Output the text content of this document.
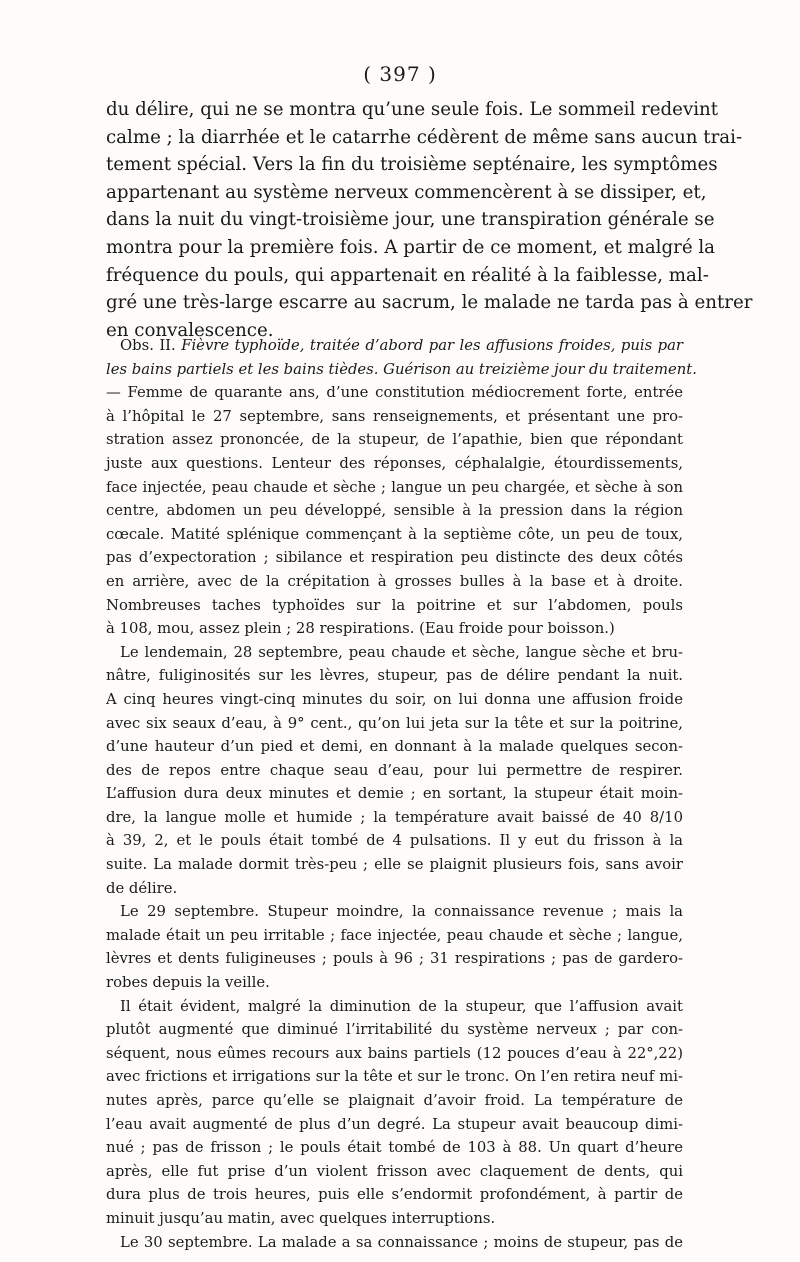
( 397 )
du délire, qui ne se montra qu’une seule fois. Le sommeil redevint
calme ; la diarrhée et le catarrhe cédèrent de même sans aucun trai-
tement spécial. Vers la fin du troisième septénaire, les symptômes
appartenant au système nerveux commencèrent à se dissiper, et,
dans la nuit du vingt-troisième jour, une transpiration générale se
montra pour la première fois. A partir de ce moment, et malgré la
fréquence du pouls, qui appartenait en réalité à la faiblesse, mal-
gré une très-large escarre au sacrum, le malade ne tarda pas à entrer
en convalescence.
Obs. II. Fièvre typhoïde, traitée d’abord par les affusions froides, puis par
les bains partiels et les bains tièdes. Guérison au treizième jour du traitement.
— Femme de quarante ans, d’une constitution médiocrement forte, entrée
à l’hôpital le 27 septembre, sans renseignements, et présentant une pro-
stration assez prononcée, de la stupeur, de l’apathie, bien que répondant
juste aux questions. Lenteur des réponses, céphalalgie, étourdissements,
face injectée, peau chaude et sèche ; langue un peu chargée, et sèche à son
centre, abdomen un peu développé, sensible à la pression dans la région
cœcale. Matité splénique commençant à la septième côte, un peu de toux,
pas d’expectoration ; sibilance et respiration peu distincte des deux côtés
en arrière, avec de la crépitation à grosses bulles à la base et à droite.
Nombreuses taches typhoïdes sur la poitrine et sur l’abdomen, pouls
à 108, mou, assez plein ; 28 respirations. (Eau froide pour boisson.)
Le lendemain, 28 septembre, peau chaude et sèche, langue sèche et bru-
nâtre, fuliginosités sur les lèvres, stupeur, pas de délire pendant la nuit.
A cinq heures vingt-cinq minutes du soir, on lui donna une affusion froide
avec six seaux d’eau, à 9° cent., qu’on lui jeta sur la tête et sur la poitrine,
d’une hauteur d’un pied et demi, en donnant à la malade quelques secon-
des de repos entre chaque seau d’eau, pour lui permettre de respirer.
L’affusion dura deux minutes et demie ; en sortant, la stupeur était moin-
dre, la langue molle et humide ; la température avait baissé de 40 8/10
à 39, 2, et le pouls était tombé de 4 pulsations. Il y eut du frisson à la
suite. La malade dormit très-peu ; elle se plaignit plusieurs fois, sans avoir
de délire.
Le 29 septembre. Stupeur moindre, la connaissance revenue ; mais la
malade était un peu irritable ; face injectée, peau chaude et sèche ; langue,
lèvres et dents fuligineuses ; pouls à 96 ; 31 respirations ; pas de gardero-
robes depuis la veille.
Il était évident, malgré la diminution de la stupeur, que l’affusion avait
plutôt augmenté que diminué l’irritabilité du système nerveux ; par con-
séquent, nous eûmes recours aux bains partiels (12 pouces d’eau à 22°,22)
avec frictions et irrigations sur la tête et sur le tronc. On l’en retira neuf mi-
nutes après, parce qu’elle se plaignait d’avoir froid. La température de
l’eau avait augmenté de plus d’un degré. La stupeur avait beaucoup dimi-
nué ; pas de frisson ; le pouls était tombé de 103 à 88. Un quart d’heure
après, elle fut prise d’un violent frisson avec claquement de dents, qui
dura plus de trois heures, puis elle s’endormit profondément, à partir de
minuit jusqu’au matin, avec quelques interruptions.
Le 30 septembre. La malade a sa connaissance ; moins de stupeur, pas de
